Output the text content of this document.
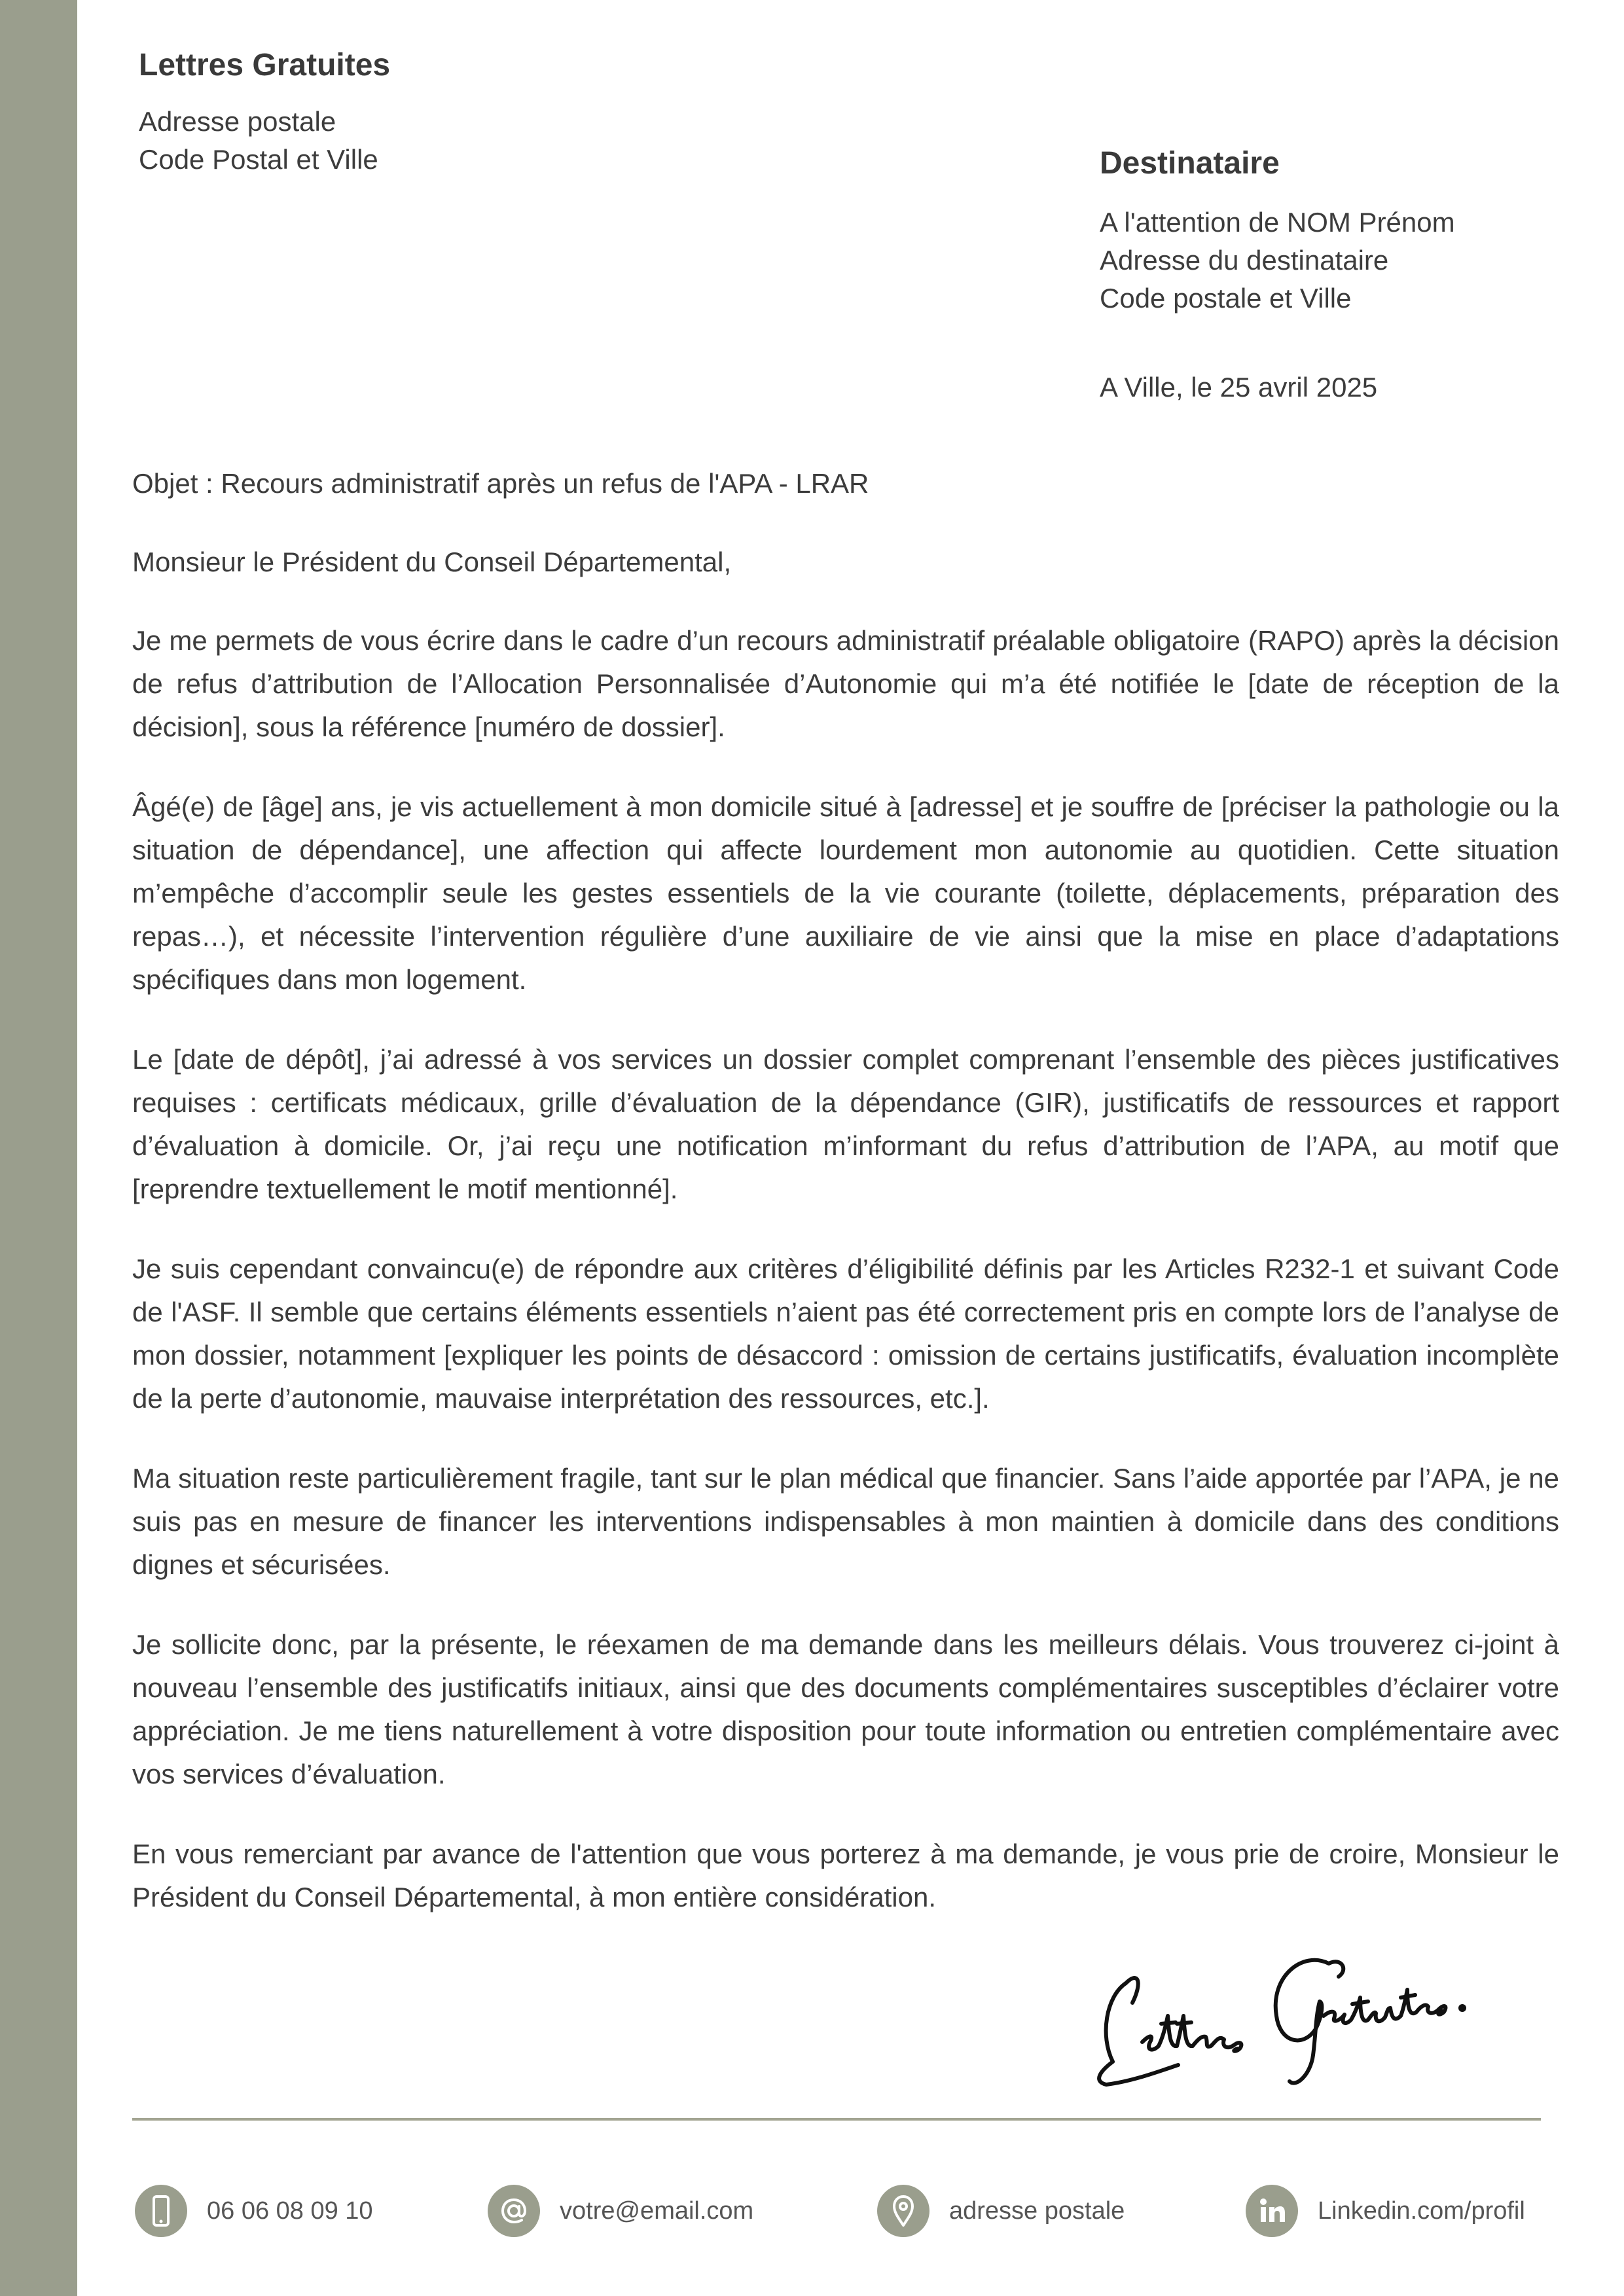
Lettres Gratuites
Adresse postale
Code Postal et Ville	Destinataire
A l'attention de NOM Prénom
Adresse du destinataire
Code postale et Ville
A Ville, le 25 avril 2025

Objet : Recours administratif après un refus de l'APA - LRAR

Monsieur le Président du Conseil Départemental,

Je me permets de vous écrire dans le cadre d’un recours administratif préalable obligatoire (RAPO) après la décision de refus d’attribution de l’Allocation Personnalisée d’Autonomie qui m’a été notifiée le [date de réception de la décision], sous la référence [numéro de dossier].

Âgé(e) de [âge] ans, je vis actuellement à mon domicile situé à [adresse] et je souffre de [préciser la pathologie ou la situation de dépendance], une affection qui affecte lourdement mon autonomie au quotidien. Cette situation m’empêche d’accomplir seule les gestes essentiels de la vie courante (toilette, déplacements, préparation des repas…), et nécessite l’intervention régulière d’une auxiliaire de vie ainsi que la mise en place d’adaptations spécifiques dans mon logement.

Le [date de dépôt], j’ai adressé à vos services un dossier complet comprenant l’ensemble des pièces justificatives requises : certificats médicaux, grille d’évaluation de la dépendance (GIR), justificatifs de ressources et rapport d’évaluation à domicile. Or, j’ai reçu une notification m’informant du refus d’attribution de l’APA, au motif que [reprendre textuellement le motif mentionné].

Je suis cependant convaincu(e) de répondre aux critères d’éligibilité définis par les Articles R232-1 et suivant Code de l'ASF. Il semble que certains éléments essentiels n’aient pas été correctement pris en compte lors de l’analyse de mon dossier, notamment [expliquer les points de désaccord : omission de certains justificatifs, évaluation incomplète de la perte d’autonomie, mauvaise interprétation des ressources, etc.].

Ma situation reste particulièrement fragile, tant sur le plan médical que financier. Sans l’aide apportée par l’APA, je ne suis pas en mesure de financer les interventions indispensables à mon maintien à domicile dans des conditions dignes et sécurisées.

Je sollicite donc, par la présente, le réexamen de ma demande dans les meilleurs délais. Vous trouverez ci-joint à nouveau l’ensemble des justificatifs initiaux, ainsi que des documents complémentaires susceptibles d’éclairer votre appréciation. Je me tiens naturellement à votre disposition pour toute information ou entretien complémentaire avec vos services d’évaluation.

En vous remerciant par avance de l'attention que vous porterez à ma demande, je vous prie de croire, Monsieur le Président du Conseil Départemental, à mon entière considération.

06 06 08 09 10	votre@email.com	adresse postale	Linkedin.com/profil
